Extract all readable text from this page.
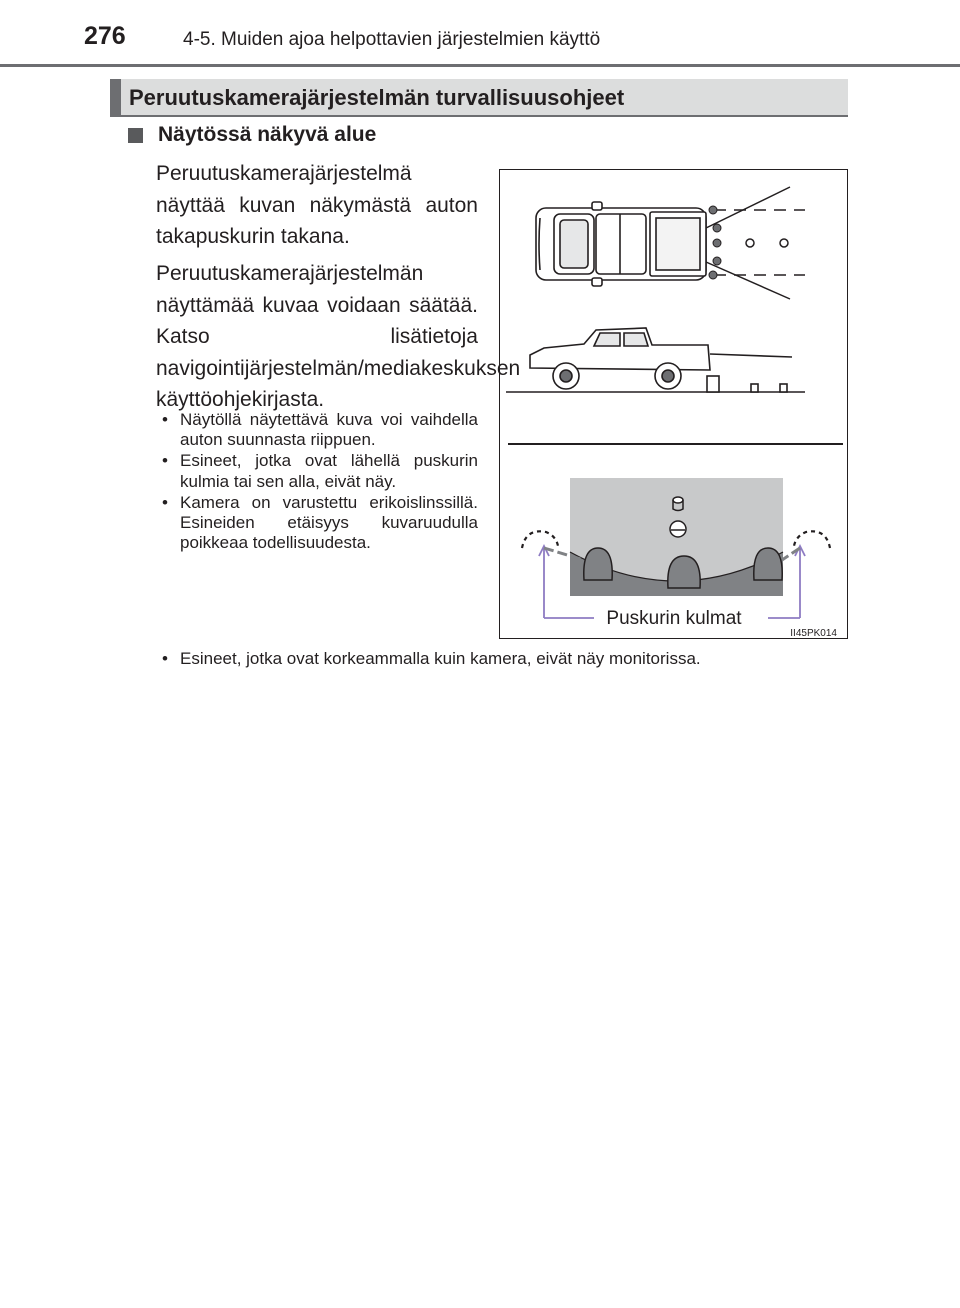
276	4-5. Muiden ajoa helpottavien järjestelmien käyttö
Peruutuskamerajärjestelmän turvallisuusohjeet
Näytössä näkyvä alue
Peruutuskamerajärjestelmä näyttää kuvan näkymästä auton takapuskurin takana.
Peruutuskamerajärjestelmän näyttämää kuvaa voidaan säätää. Katso lisätietoja navigointijärjestelmän/mediakeskuksen käyttöohjekirjasta.
• Näytöllä näytettävä kuva voi vaihdella auton suunnasta riippuen.
• Esineet, jotka ovat lähellä puskurin kulmia tai sen alla, eivät näy.
• Kamera on varustettu erikoislinssillä. Esineiden etäisyys kuvaruudulla poikkeaa todellisuudesta.
• Esineet, jotka ovat korkeammalla kuin kamera, eivät näy monitorissa.
Puskurin kulmat
II45PK014
